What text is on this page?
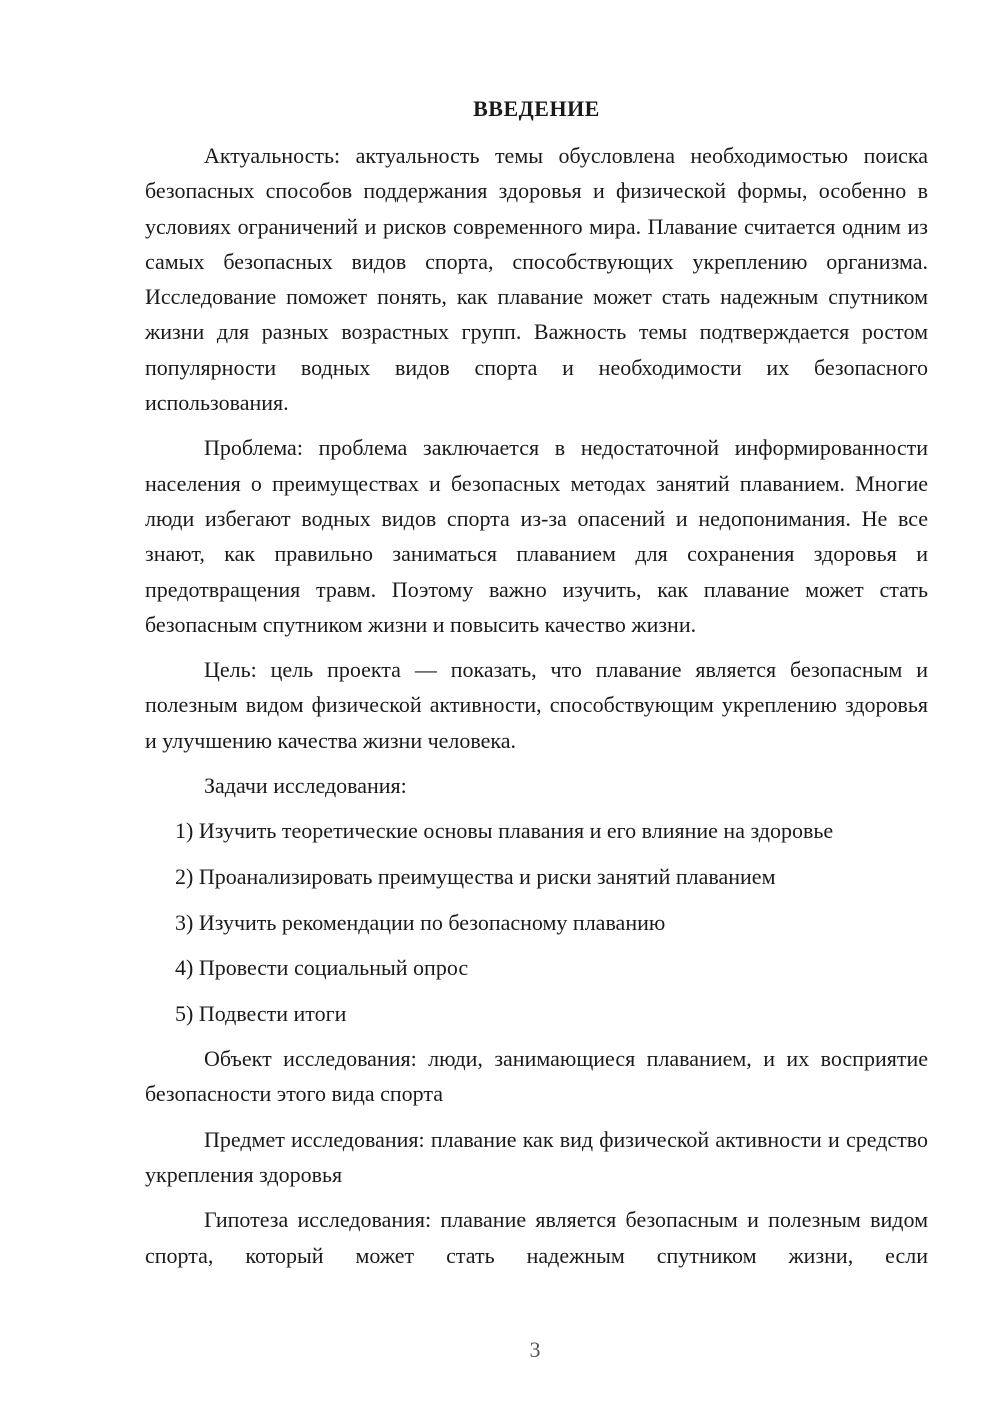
ВВЕДЕНИЕ

Актуальность: актуальность темы обусловлена необходимостью поиска безопасных способов поддержания здоровья и физической формы, особенно в условиях ограничений и рисков современного мира. Плавание считается одним из самых безопасных видов спорта, способствующих укреплению организма. Исследование поможет понять, как плавание может стать надежным спутником жизни для разных возрастных групп. Важность темы подтверждается ростом популярности водных видов спорта и необходимости их безопасного использования.

Проблема: проблема заключается в недостаточной информированности населения о преимуществах и безопасных методах занятий плаванием. Многие люди избегают водных видов спорта из-за опасений и недопонимания. Не все знают, как правильно заниматься плаванием для сохранения здоровья и предотвращения травм. Поэтому важно изучить, как плавание может стать безопасным спутником жизни и повысить качество жизни.

Цель: цель проекта — показать, что плавание является безопасным и полезным видом физической активности, способствующим укреплению здоровья и улучшению качества жизни человека.

Задачи исследования:

1) Изучить теоретические основы плавания и его влияние на здоровье

2) Проанализировать преимущества и риски занятий плаванием

3) Изучить рекомендации по безопасному плаванию

4) Провести социальный опрос

5) Подвести итоги

Объект исследования: люди, занимающиеся плаванием, и их восприятие безопасности этого вида спорта

Предмет исследования: плавание как вид физической активности и средство укрепления здоровья

Гипотеза исследования: плавание является безопасным и полезным видом спорта, который может стать надежным спутником жизни, если

3
